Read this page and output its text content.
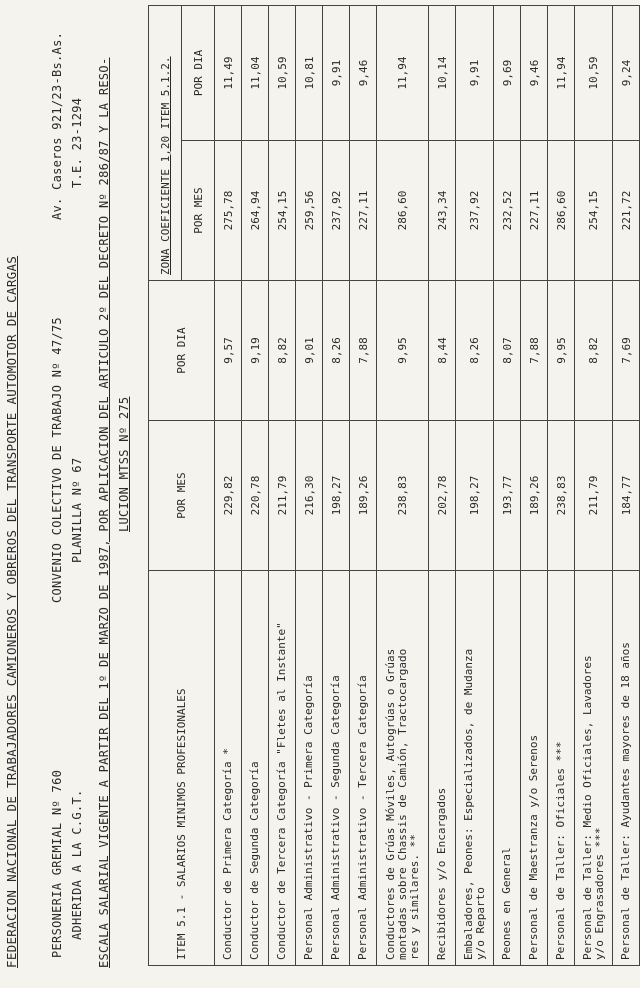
FEDERACION NACIONAL DE TRABAJADORES CAMIONEROS Y OBREROS DEL TRANSPORTE AUTOMOTOR DE CARGAS	PERSONERIA GREMIAL Nº 760 ADHERIDA A LA C.G.T.
CONVENIO COLECTIVO DE TRABAJO Nº 47/75 PLANILLA Nº 67
Av. Caseros 921/23-Bs.As. T.E. 23-1294 ESCALA SALARIAL VIGENTE A PARTIR DEL 1º DE MARZO DE 1987, POR APLICACION DEL ARTICULO 2º DEL DECRETO Nº 286/87 Y LA RESO- LUCION MTSS Nº 275
ITEM 5.1 - SALARIOS MINIMOS PROFESIONALES	POR MES	POR DIA	ZONA COEFICIENTE 1,20 ITEM 5.1.2.	
			POR MES	POR DIA
Conductor de Primera Categoría *	229,82	9,57	275,78	11,49
Conductor de Segunda Categoría	220,78	9,19	264,94	11,04
Conductor de Tercera Categoría "Fletes al Instante"	211,79	8,82	254,15	10,59
Personal Administrativo - Primera Categoría	216,30	9,01	259,56	10,81
Personal Administrativo - Segunda Categoría	198,27	8,26	237,92	9,91
Personal Administrativo - Tercera Categoría	189,26	7,88	227,11	9,46
Conductores de Grúas Móviles, Autogrúas o Grúas
montadas sobre Chassis de Camión, Tractocargado
res y similares. **	238,83	9,95	286,60	11,94
Recibidores y/o Encargados	202,78	8,44	243,34	10,14
Embaladores, Peones: Especializados, de Mudanza
y/o Reparto	198,27	8,26	237,92	9,91
Peones en General	193,77	8,07	232,52	9,69
Personal de Maestranza y/o Serenos	189,26	7,88	227,11	9,46
Personal de Taller: Oficiales ***	238,83	9,95	286,60	11,94
Personal de Taller: Medio Oficiales, Lavadores
y/o Engrasadores ***	211,79	8,82	254,15	10,59
Personal de Taller: Ayudantes mayores de 18 años	184,77	7,69	221,72	9,24
